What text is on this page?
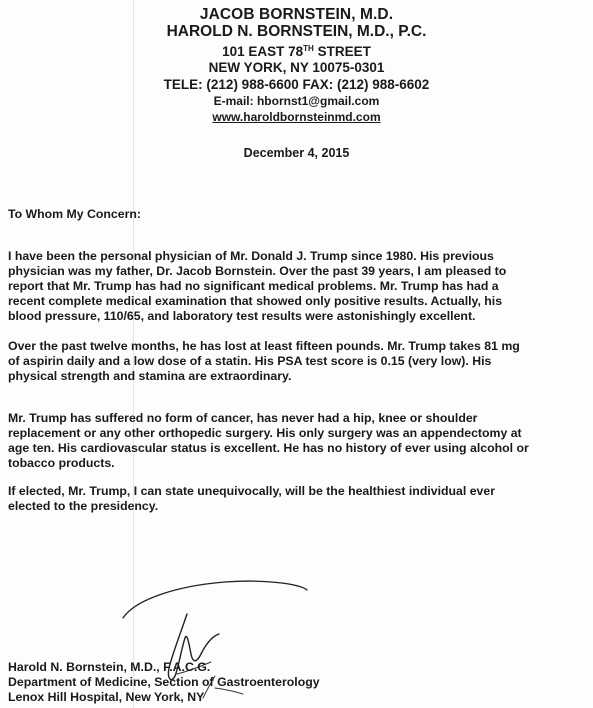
JACOB BORNSTEIN, M.D.
HAROLD N. BORNSTEIN, M.D., P.C.
101 EAST 78TH STREET
NEW YORK, NY 10075-0301
TELE: (212) 988-6600 FAX: (212) 988-6602
E-mail: hbornst1@gmail.com
www.haroldbornsteinmd.com
December 4, 2015
To Whom My Concern:
I have been the personal physician of Mr. Donald J. Trump since 1980. His previous
physician was my father, Dr. Jacob Bornstein. Over the past 39 years, I am pleased to
report that Mr. Trump has had no significant medical problems. Mr. Trump has had a
recent complete medical examination that showed only positive results. Actually, his
blood pressure, 110/65, and laboratory test results were astonishingly excellent.
Over the past twelve months, he has lost at least fifteen pounds. Mr. Trump takes 81 mg
of aspirin daily and a low dose of a statin. His PSA test score is 0.15 (very low). His
physical strength and stamina are extraordinary.
Mr. Trump has suffered no form of cancer, has never had a hip, knee or shoulder
replacement or any other orthopedic surgery. His only surgery was an appendectomy at
age ten. His cardiovascular status is excellent. He has no history of ever using alcohol or
tobacco products.
If elected, Mr. Trump, I can state unequivocally, will be the healthiest individual ever
elected to the presidency.
Harold N. Bornstein, M.D., F.A.C.G.
Department of Medicine, Section of Gastroenterology
Lenox Hill Hospital, New York, NY
